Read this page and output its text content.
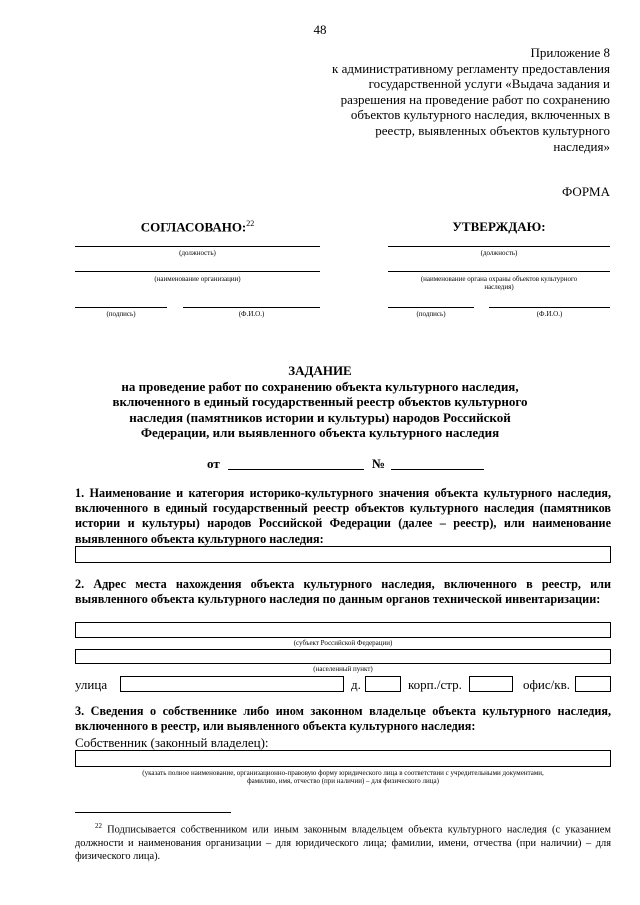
48
Приложение 8
к административному регламенту предоставления
государственной услуги «Выдача задания и
разрешения на проведение работ по сохранению
объектов культурного наследия, включенных в
реестр, выявленных объектов культурного
наследия»
ФОРМА
СОГЛАСОВАНО:$^{22}$
(должность)
(наименование организации)
(подпись)	(Ф.И.О.)
УТВЕРЖДАЮ:
(должность)
(наименование органа охраны объектов культурного
наследия)
(подпись)	(Ф.И.О.)
ЗАДАНИЕ
на проведение работ по сохранению объекта культурного наследия,
включенного в единый государственный реестр объектов культурного
наследия (памятников истории и культуры) народов Российской
Федерации, или выявленного объекта культурного наследия
от	№
1. Наименование и категория историко-культурного значения объекта культурного наследия, включенного в единый государственный реестр объектов культурного наследия (памятников истории и культуры) народов Российской Федерации (далее – реестр), или наименование выявленного объекта культурного наследия:
2. Адрес места нахождения объекта культурного наследия, включенного в реестр, или выявленного объекта культурного наследия по данным органов технической инвентаризации:
(субъект Российской Федерации)
(населенный пункт)
улица	д.	корп./стр.	офис/кв.
3. Сведения о собственнике либо ином законном владельце объекта культурного наследия, включенного в реестр, или выявленного объекта культурного наследия:
Собственник (законный владелец):
(указать полное наименование, организационно-правовую форму юридического лица в соответствии с учредительными документами,
фамилию, имя, отчество (при наличии) – для физического лица)
$^{22}$ Подписывается собственником или иным законным владельцем объекта культурного наследия (с указанием должности и наименования организации – для юридического лица; фамилии, имени, отчества (при наличии) – для физического лица).
